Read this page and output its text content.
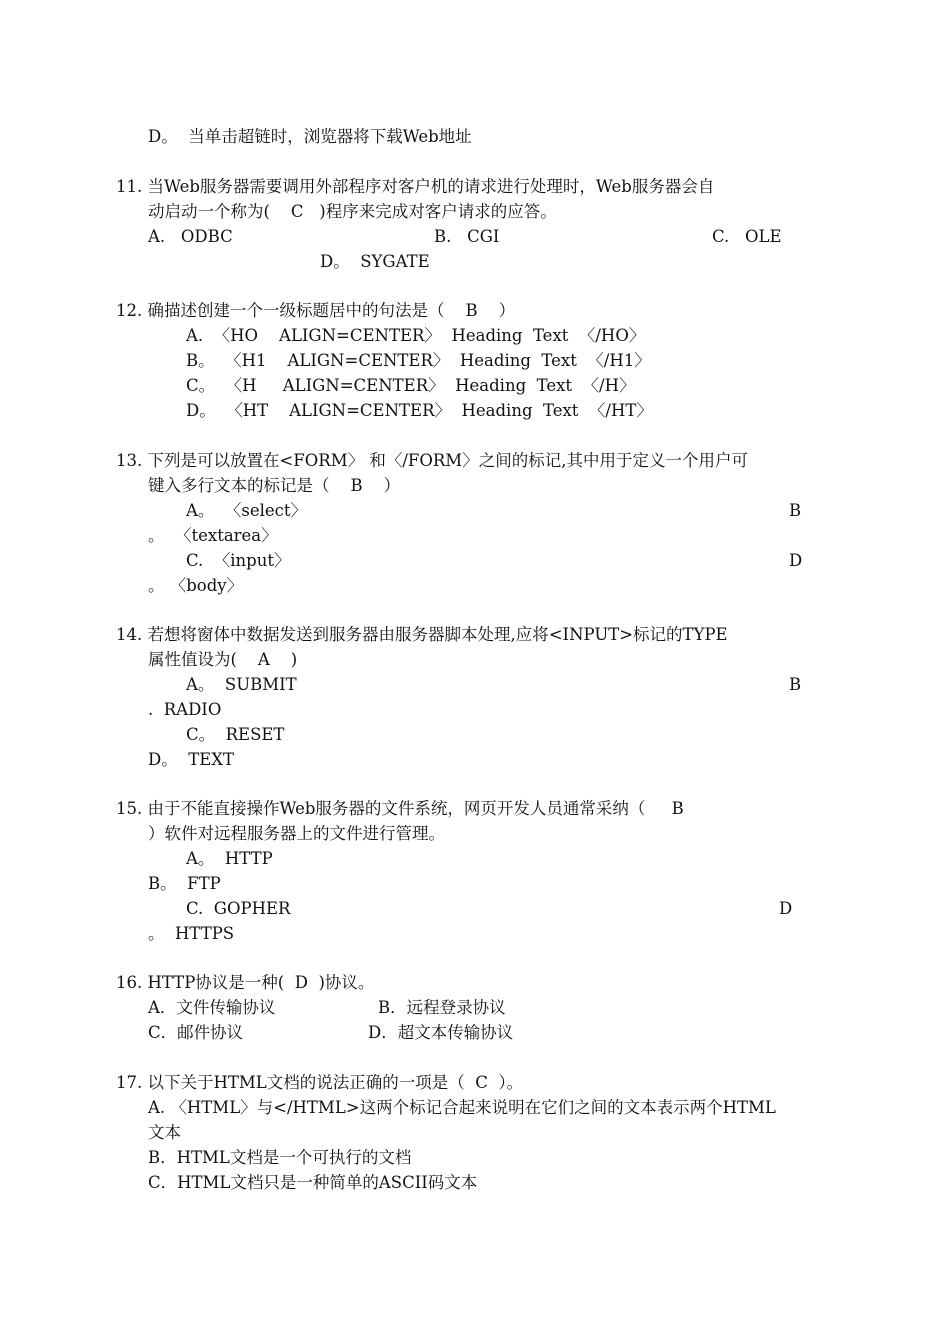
D。  当单击超链时，浏览器将下载Web地址

11. 当Web服务器需要调用外部程序对客户机的请求进行处理时，Web服务器会自

动启动一个称为(    C   )程序来完成对客户请求的应答。

A.   ODBC	B.   CGI	C.   OLE

D。  SYGATE

12. 确描述创建一个一级标题居中的句法是（    B    ）

A.  〈HO    ALIGN=CENTER〉  Heading  Text  〈/HO〉

B。  〈H1    ALIGN=CENTER〉  Heading  Text  〈/H1〉

C。  〈H     ALIGN=CENTER〉  Heading  Text  〈/H〉

D。  〈HT    ALIGN=CENTER〉  Heading  Text  〈/HT〉

13. 下列是可以放置在<FORM〉 和〈/FORM〉之间的标记,其中用于定义一个用户可

键入多行文本的标记是（    B    ）

A。  〈select〉	B

。  〈textarea〉

C.  〈input〉	D

。 〈body〉

14. 若想将窗体中数据发送到服务器由服务器脚本处理,应将<INPUT>标记的TYPE

属性值设为(    A    )

A。  SUBMIT	B

.  RADIO

C。  RESET

D。  TEXT

15. 由于不能直接操作Web服务器的文件系统，网页开发人员通常采纳（     B

）软件对远程服务器上的文件进行管理。

A。  HTTP

B。  FTP

C.  GOPHER	D

。  HTTPS

16. HTTP协议是一种(  D  )协议。

A．文件传输协议	B．远程登录协议

C．邮件协议	D．超文本传输协议

17. 以下关于HTML文档的说法正确的一项是（  C  ）。

A. 〈HTML〉与</HTML>这两个标记合起来说明在它们之间的文本表示两个HTML

文本

B．HTML文档是一个可执行的文档

C．HTML文档只是一种简单的ASCII码文本
